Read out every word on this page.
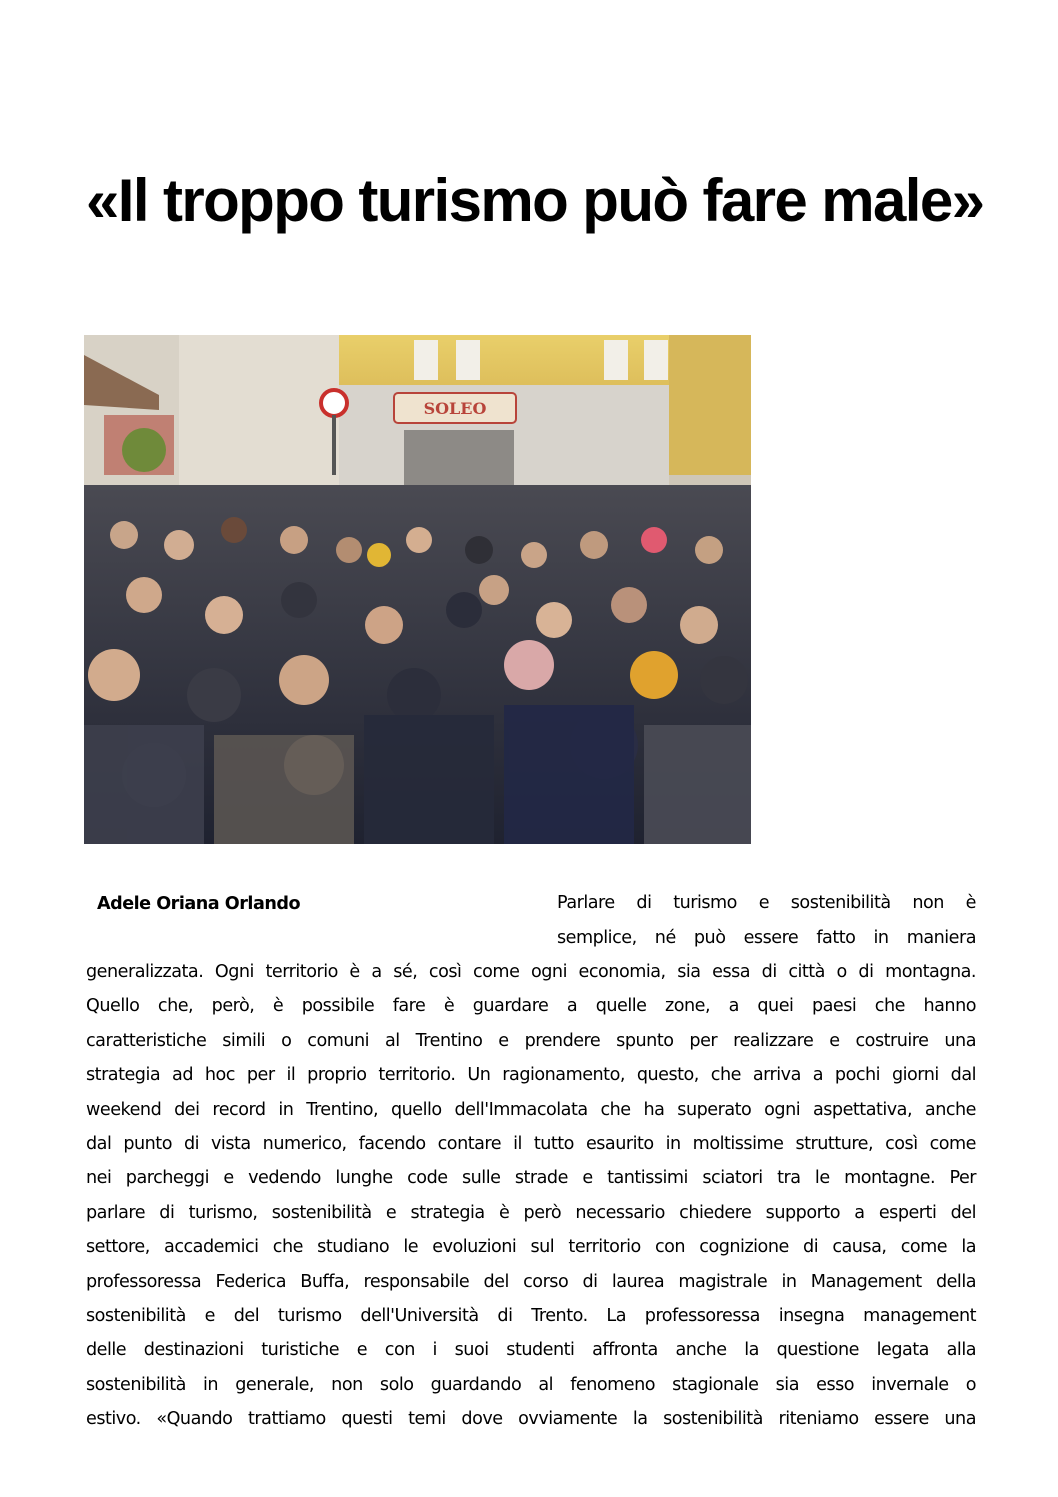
«Il troppo turismo può fare male»
SOLEO
Adele Oriana Orlando	Parlare di turismo e sostenibilità non è
semplice, né può essere fatto in maniera
generalizzata. Ogni territorio è a sé, così come ogni economia, sia essa di città o di montagna.
Quello che, però, è possibile fare è guardare a quelle zone, a quei paesi che hanno
caratteristiche simili o comuni al Trentino e prendere spunto per realizzare e costruire una
strategia ad hoc per il proprio territorio. Un ragionamento, questo, che arriva a pochi giorni dal
weekend dei record in Trentino, quello dell'Immacolata che ha superato ogni aspettativa, anche
dal punto di vista numerico, facendo contare il tutto esaurito in moltissime strutture, così come
nei parcheggi e vedendo lunghe code sulle strade e tantissimi sciatori tra le montagne. Per
parlare di turismo, sostenibilità e strategia è però necessario chiedere supporto a esperti del
settore, accademici che studiano le evoluzioni sul territorio con cognizione di causa, come la
professoressa Federica Buffa, responsabile del corso di laurea magistrale in Management della
sostenibilità e del turismo dell'Università di Trento. La professoressa insegna management
delle destinazioni turistiche e con i suoi studenti affronta anche la questione legata alla
sostenibilità in generale, non solo guardando al fenomeno stagionale sia esso invernale o
estivo. «Quando trattiamo questi temi dove ovviamente la sostenibilità riteniamo essere una
